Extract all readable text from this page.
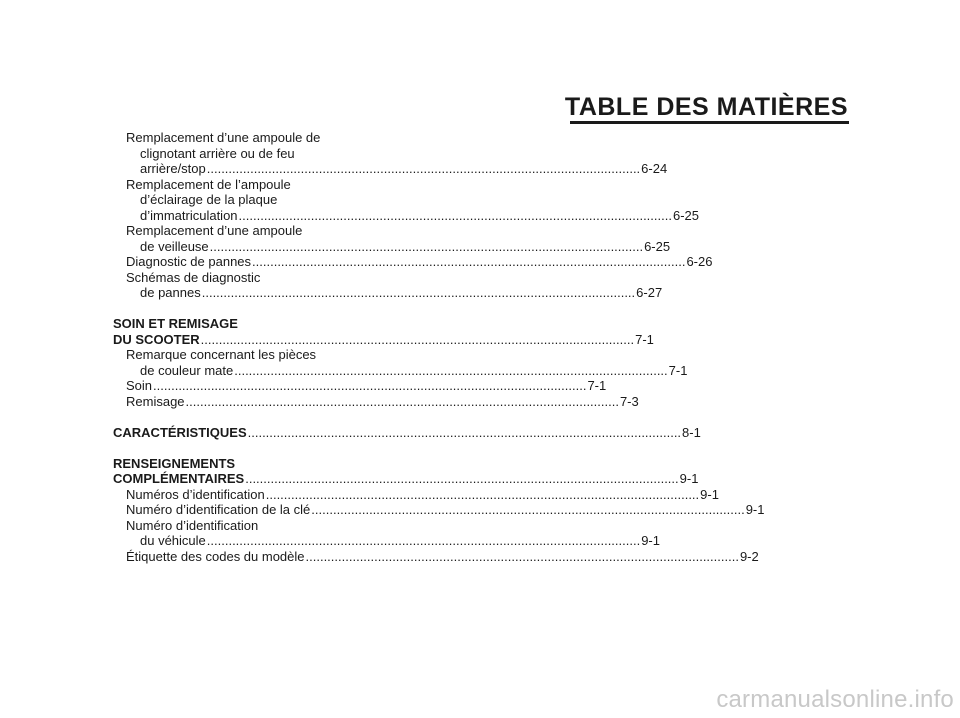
TABLE DES MATIÈRES
Remplacement d’une ampoule de
clignotant arrière ou de feu
arrière/stop ........................................................................................................................ 6-24
Remplacement de l’ampoule
d’éclairage de la plaque
d’immatriculation ........................................................................................................................ 6-25
Remplacement d’une ampoule
de veilleuse ........................................................................................................................ 6-25
Diagnostic de pannes ........................................................................................................................ 6-26
Schémas de diagnostic
de pannes ........................................................................................................................ 6-27
SOIN ET REMISAGE
DU SCOOTER ........................................................................................................................ 7-1
Remarque concernant les pièces
de couleur mate ........................................................................................................................ 7-1
Soin ........................................................................................................................ 7-1
Remisage ........................................................................................................................ 7-3
CARACTÉRISTIQUES ........................................................................................................................ 8-1
RENSEIGNEMENTS
COMPLÉMENTAIRES ........................................................................................................................ 9-1
Numéros d’identification ........................................................................................................................ 9-1
Numéro d’identification de la clé ........................................................................................................................ 9-1
Numéro d’identification
du véhicule ........................................................................................................................ 9-1
Étiquette des codes du modèle ........................................................................................................................ 9-2
carmanualsonline.info
